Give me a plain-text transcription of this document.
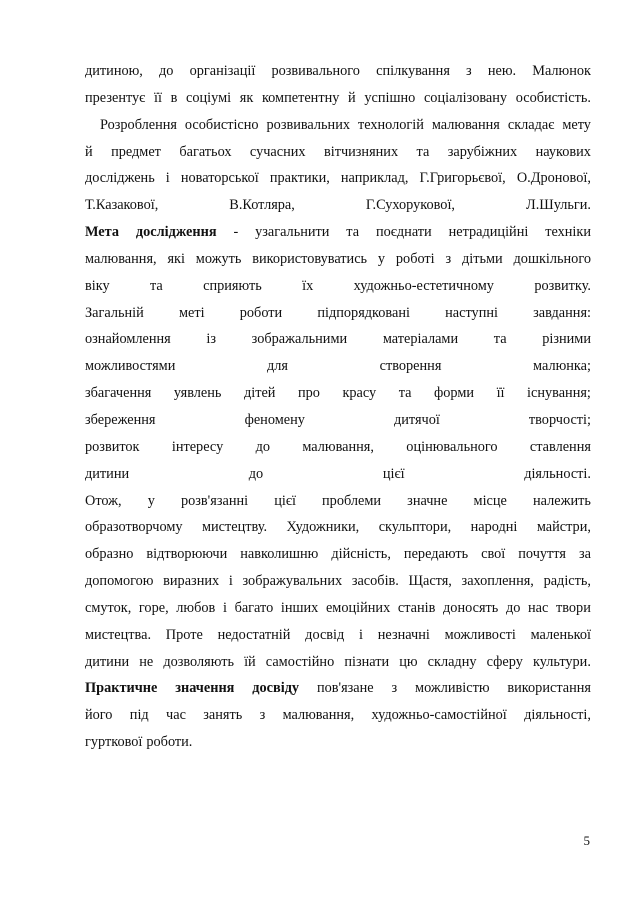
дитиною, до організації розвивального спілкування з нею. Малюнок
презентує її в соціумі як компетентну й успішно соціалізовану особистість.
Розроблення особистісно розвивальних технологій малювання складає мету
й предмет багатьох сучасних вітчизняних та зарубіжних наукових
досліджень і новаторської практики, наприклад, Г.Григорьєвої, О.Дронової,
Т.Казакової,	В.Котляра,	Г.Сухорукової,	Л.Шульги.
Мета дослідження - узагальнити та поєднати нетрадиційні техніки
малювання, які можуть використовуватись у роботі з дітьми дошкільного
віку	та	сприяють	їх	художньо-естетичному	розвитку.
Загальній меті роботи підпорядковані наступні завдання:
ознайомлення із зображальними матеріалами та різними
можливостями	для	створення	малюнка;
збагачення уявлень дітей про красу та форми її існування;
збереження	феномену	дитячої	творчості;
розвиток інтересу до малювання, оцінювального ставлення
дитини	до	цієї	діяльності.
Отож, у розв'язанні цієї проблеми значне місце належить
образотворчому мистецтву. Художники, скульптори, народні майстри,
образно відтворюючи навколишню дійсність, передають свої почуття за
допомогою виразних і зображувальних засобів. Щастя, захоплення, радість,
смуток, горе, любов і багато інших емоційних станів доносять до нас твори
мистецтва. Проте недостатній досвід і незначні можливості маленької
дитини не дозволяють їй самостійно пізнати цю складну сферу культури.
Практичне значення досвіду пов'язане з можливістю використання
його під час занять з малювання, художньо-самостійної діяльності,
гурткової роботи.
5
